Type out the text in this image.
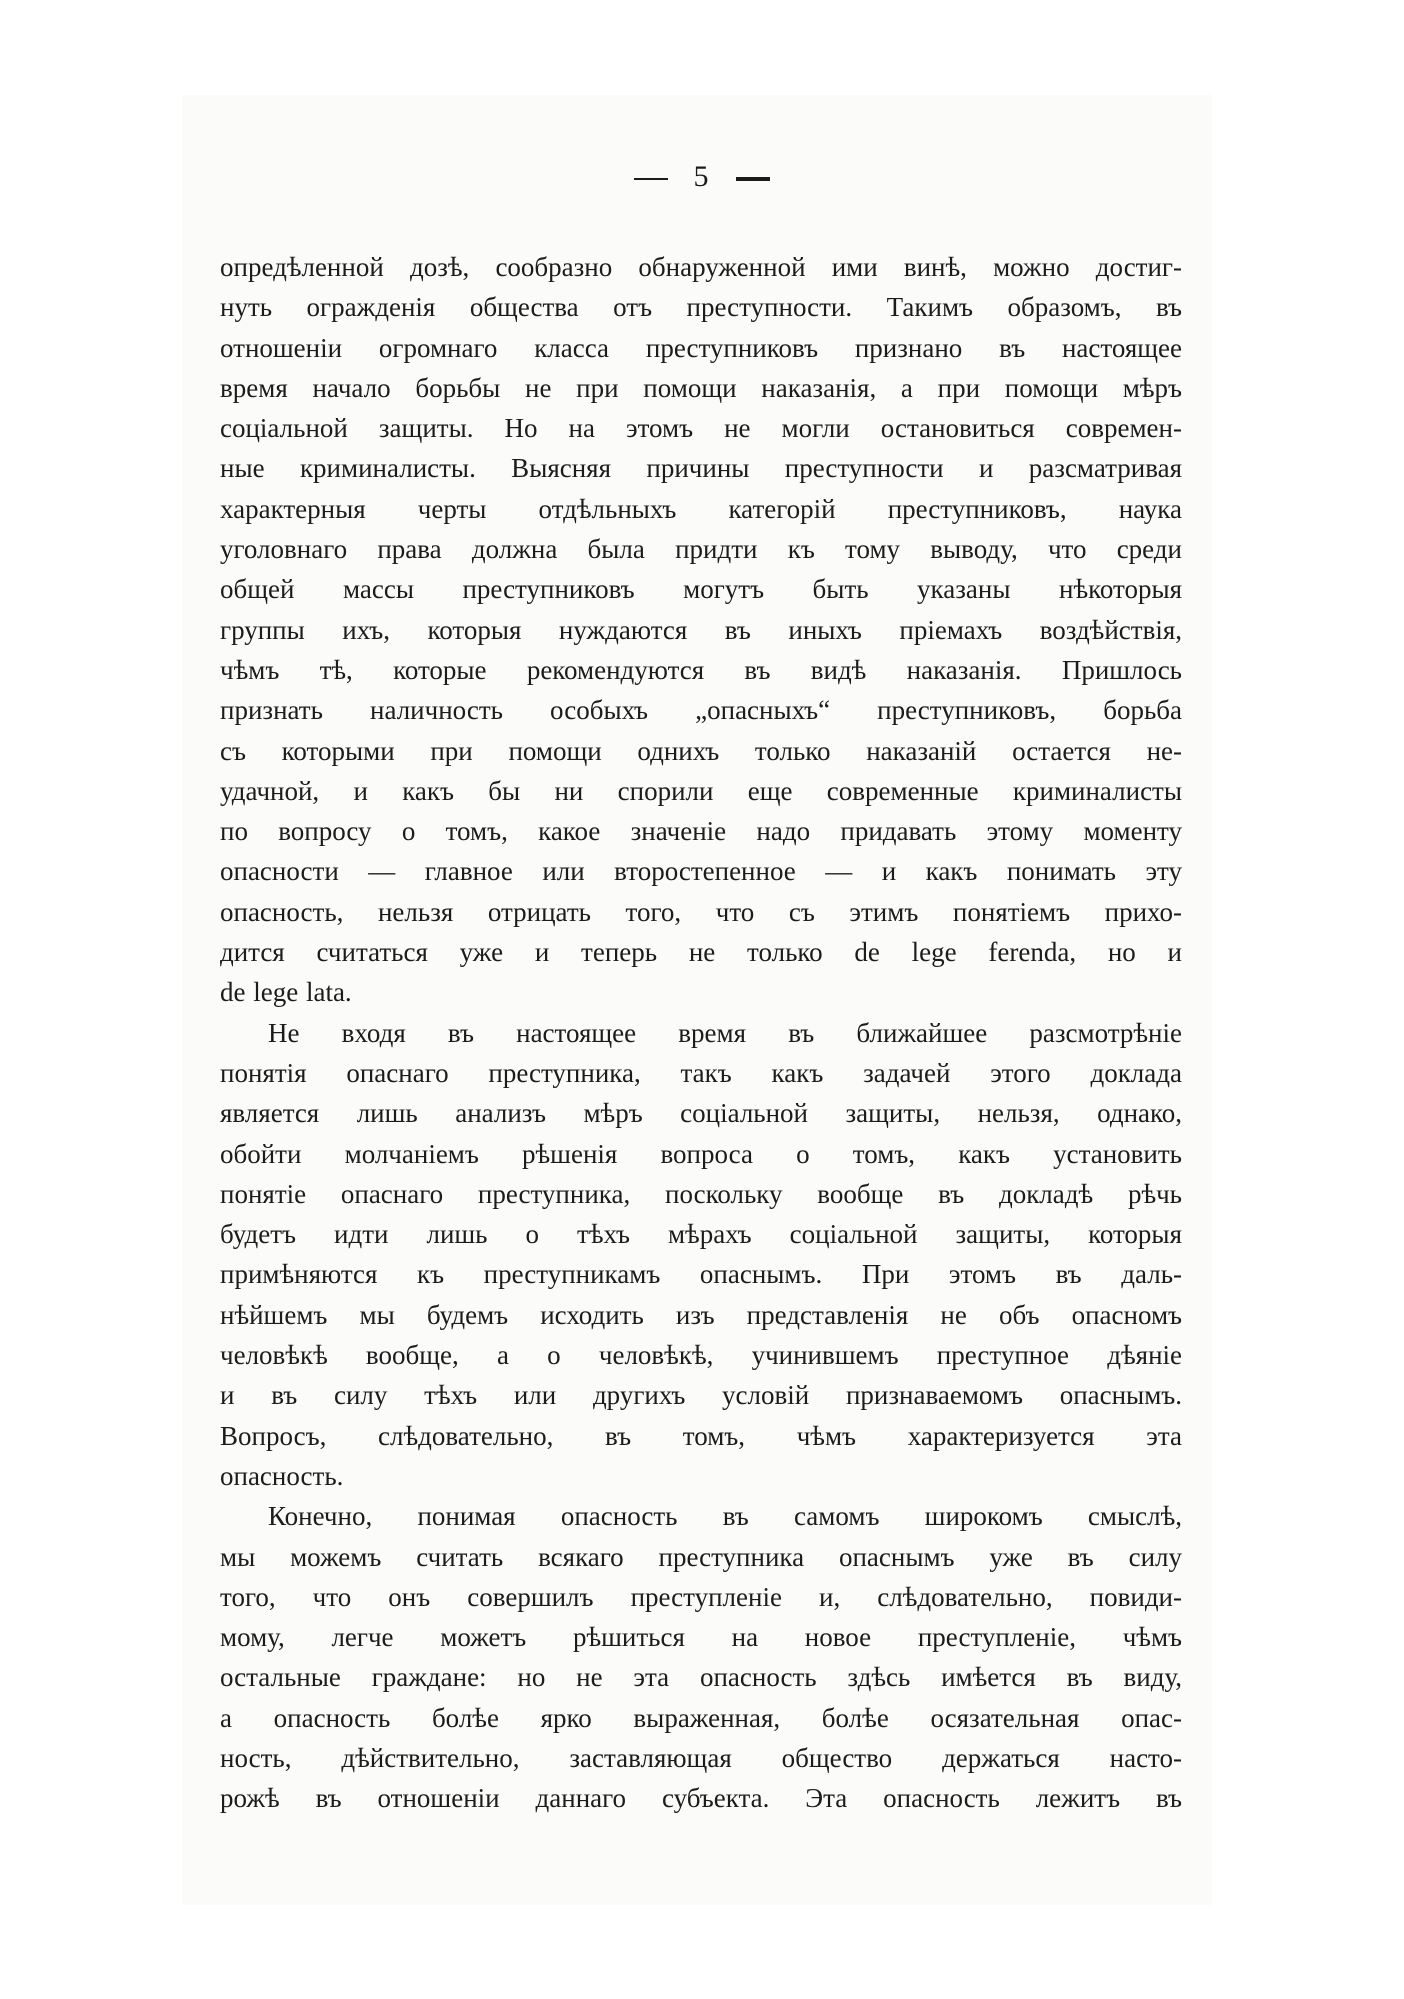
5

опредѣленной дозѣ, сообразно обнаруженной ими винѣ, можно достиг-
нуть огражденія общества отъ преступности. Такимъ образомъ, въ
отношеніи огромнаго класса преступниковъ признано въ настоящее
время начало борьбы не при помощи наказанія, а при помощи мѣръ
соціальной защиты. Но на этомъ не могли остановиться современ-
ные криминалисты. Выясняя причины преступности и разсматривая
характерныя черты отдѣльныхъ категорій преступниковъ, наука
уголовнаго права должна была придти къ тому выводу, что среди
общей массы преступниковъ могутъ быть указаны нѣкоторыя
группы ихъ, которыя нуждаются въ иныхъ пріемахъ воздѣйствія,
чѣмъ тѣ, которые рекомендуются въ видѣ наказанія. Пришлось
признать наличность особыхъ „опасныхъ“ преступниковъ, борьба
съ которыми при помощи однихъ только наказаній остается не-
удачной, и какъ бы ни спорили еще современные криминалисты
по вопросу о томъ, какое значеніе надо придавать этому моменту
опасности — главное или второстепенное — и какъ понимать эту
опасность, нельзя отрицать того, что съ этимъ понятіемъ прихо-
дится считаться уже и теперь не только de lege ferenda, но и
de lege lata.

Не входя въ настоящее время въ ближайшее разсмотрѣніе
понятія опаснаго преступника, такъ какъ задачей этого доклада
является лишь анализъ мѣръ соціальной защиты, нельзя, однако,
обойти молчаніемъ рѣшенія вопроса о томъ, какъ установить
понятіе опаснаго преступника, поскольку вообще въ докладѣ рѣчь
будетъ идти лишь о тѣхъ мѣрахъ соціальной защиты, которыя
примѣняются къ преступникамъ опаснымъ. При этомъ въ даль-
нѣйшемъ мы будемъ исходить изъ представленія не объ опасномъ
человѣкѣ вообще, а о человѣкѣ, учинившемъ преступное дѣяніе
и въ силу тѣхъ или другихъ условій признаваемомъ опаснымъ.
Вопросъ, слѣдовательно, въ томъ, чѣмъ характеризуется эта
опасность.

Конечно, понимая опасность въ самомъ широкомъ смыслѣ,
мы можемъ считать всякаго преступника опаснымъ уже въ силу
того, что онъ совершилъ преступленіе и, слѣдовательно, повиди-
мому, легче можетъ рѣшиться на новое преступленіе, чѣмъ
остальные граждане: но не эта опасность здѣсь имѣется въ виду,
а опасность болѣе ярко выраженная, болѣе осязательная опас-
ность, дѣйствительно, заставляющая общество держаться насто-
рожѣ въ отношеніи даннаго субъекта. Эта опасность лежитъ въ
